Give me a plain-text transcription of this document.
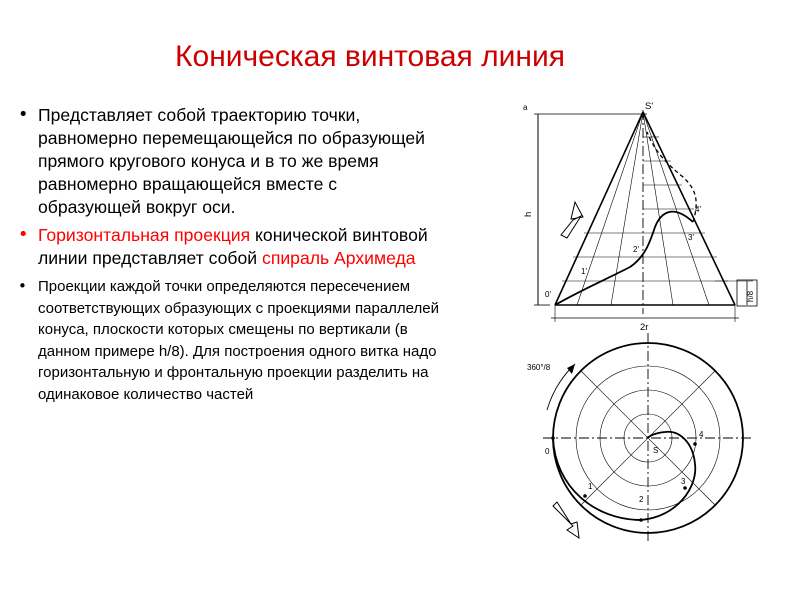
Коническая винтовая линия
• Представляет собой траекторию точки, равномерно перемещающейся по образующей прямого кругового конуса и в то же время равномерно вращающейся вместе с образующей вокруг оси.
• Горизонтальная проекция конической винтовой линии представляет собой спираль Архимеда
• Проекции каждой точки определяются пересечением соответствующих образующих с проекциями параллелей конуса, плоскости которых смещены по вертикали (в данном примере h/8). Для построения одного витка надо горизонтальную и фронтальную проекции разделить на одинаковое количество частей
a	S'
h
2r
h/8
0'
1'
2'
3'
4'
360°/8
S
0
1
2
3
4
